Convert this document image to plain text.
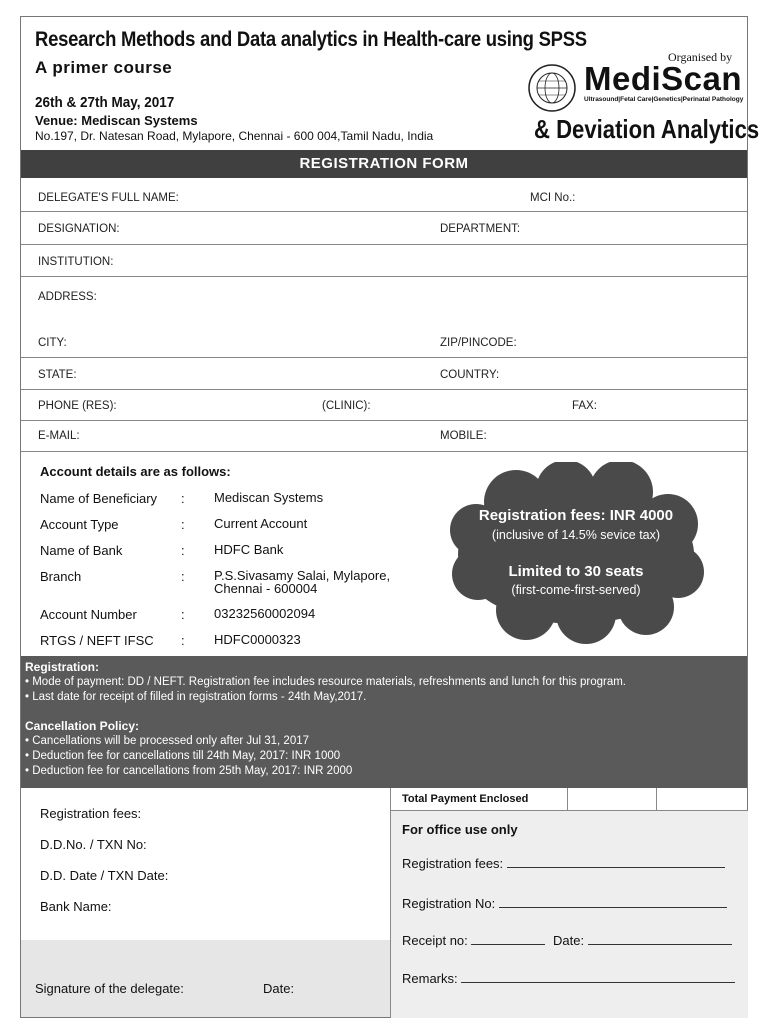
Research Methods and Data analytics in Health-care using SPSS
A primer course
26th & 27th May, 2017
Venue: Mediscan Systems
No.197, Dr. Natesan Road, Mylapore, Chennai - 600 004,Tamil Nadu, India
Organised by
MediScan
Ultrasound|Fetal Care|Genetics|Perinatal Pathology
& Deviation Analytics
REGISTRATION FORM
DELEGATE'S FULL NAME:	MCI No.:
DESIGNATION:	DEPARTMENT:
INSTITUTION:
ADDRESS:
CITY:	ZIP/PINCODE:
STATE:	COUNTRY:
PHONE (RES):	(CLINIC):	FAX:
E-MAIL:	MOBILE:
Account details are as follows:
Name of Beneficiary : Mediscan Systems
Account Type	: Current Account
Name of Bank	: HDFC Bank
Branch	: P.S.Sivasamy Salai, Mylapore,
Chennai - 600004
Account Number	: 03232560002094
RTGS / NEFT IFSC : HDFC0000323
Registration fees: INR 4000
(inclusive of 14.5% sevice tax)
Limited to 30 seats
(first-come-first-served)
Registration:
• Mode of payment: DD / NEFT. Registration fee includes resource materials, refreshments and lunch for this program.
• Last date for receipt of filled in registration forms - 24th May,2017.
Cancellation Policy:
• Cancellations will be processed only after Jul 31, 2017
• Deduction fee for cancellations till 24th May, 2017: INR 1000
• Deduction fee for cancellations from 25th May, 2017: INR 2000
Total Payment Enclosed
Registration fees:
D.D.No. / TXN No:
D.D. Date / TXN Date:
Bank Name:
Signature of the delegate:	Date:
For office use only
Registration fees:
Registration No:
Receipt no:	Date:
Remarks:
